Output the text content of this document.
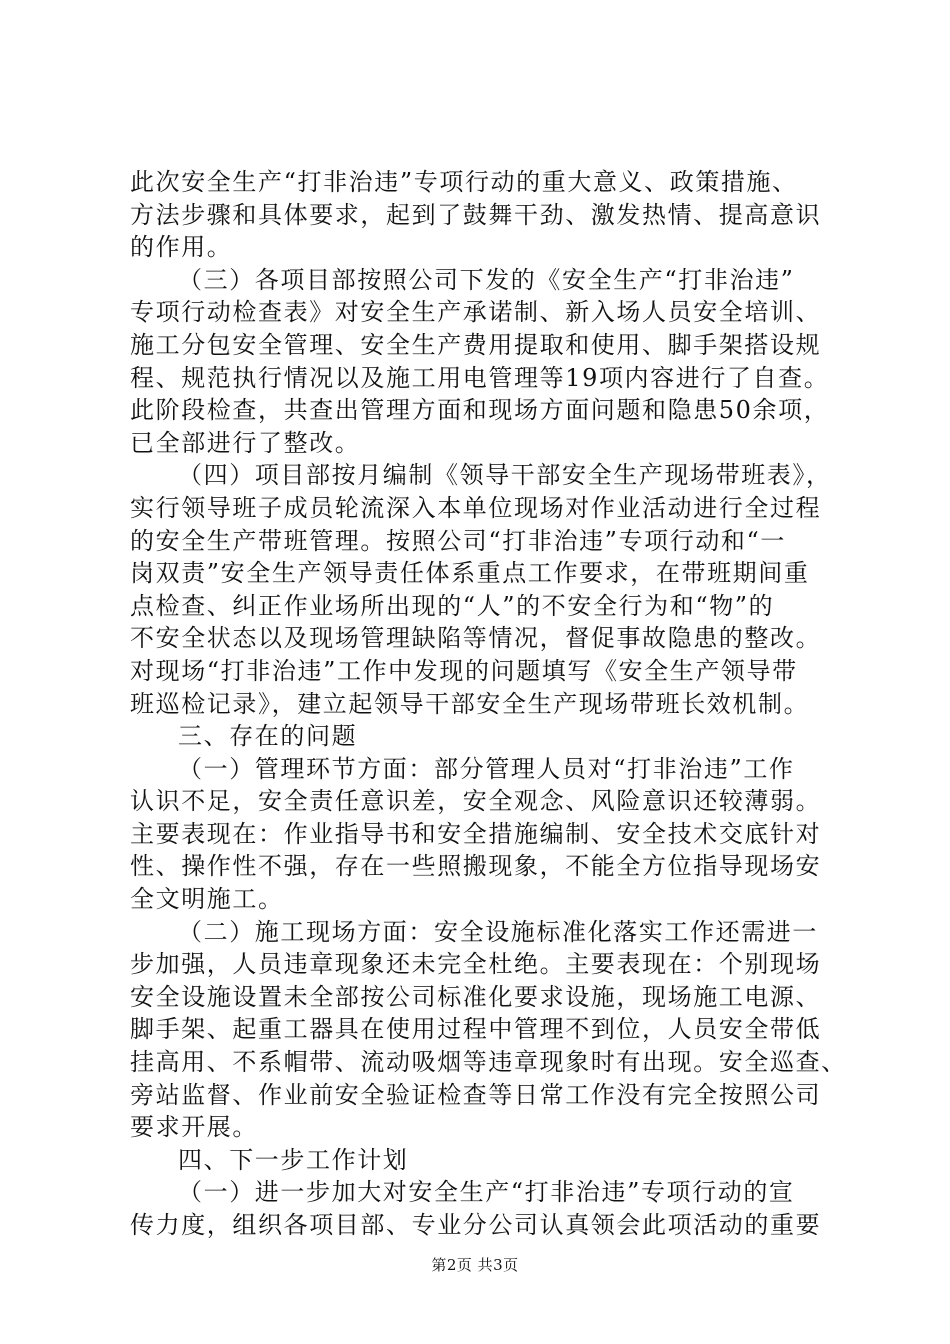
此次安全生产“打非治违”专项行动的重大意义、政策措施、
方法步骤和具体要求，起到了鼓舞干劲、激发热情、提高意识
的作用。
（三）各项目部按照公司下发的《安全生产“打非治违”
专项行动检查表》对安全生产承诺制、新入场人员安全培训、
施工分包安全管理、安全生产费用提取和使用、脚手架搭设规
程、规范执行情况以及施工用电管理等19项内容进行了自查。
此阶段检查，共查出管理方面和现场方面问题和隐患50余项，
已全部进行了整改。
（四）项目部按月编制《领导干部安全生产现场带班表》，
实行领导班子成员轮流深入本单位现场对作业活动进行全过程
的安全生产带班管理。按照公司“打非治违”专项行动和“一
岗双责”安全生产领导责任体系重点工作要求，在带班期间重
点检查、纠正作业场所出现的“人”的不安全行为和“物”的
不安全状态以及现场管理缺陷等情况，督促事故隐患的整改。
对现场“打非治违”工作中发现的问题填写《安全生产领导带
班巡检记录》，建立起领导干部安全生产现场带班长效机制。
三、存在的问题
（一）管理环节方面：部分管理人员对“打非治违”工作
认识不足，安全责任意识差，安全观念、风险意识还较薄弱。
主要表现在：作业指导书和安全措施编制、安全技术交底针对
性、操作性不强，存在一些照搬现象，不能全方位指导现场安
全文明施工。
（二）施工现场方面：安全设施标准化落实工作还需进一
步加强，人员违章现象还未完全杜绝。主要表现在：个别现场
安全设施设置未全部按公司标准化要求设施，现场施工电源、
脚手架、起重工器具在使用过程中管理不到位，人员安全带低
挂高用、不系帽带、流动吸烟等违章现象时有出现。安全巡查、
旁站监督、作业前安全验证检查等日常工作没有完全按照公司
要求开展。
四、下一步工作计划
（一）进一步加大对安全生产“打非治违”专项行动的宣
传力度，组织各项目部、专业分公司认真领会此项活动的重要
第2页 共3页
